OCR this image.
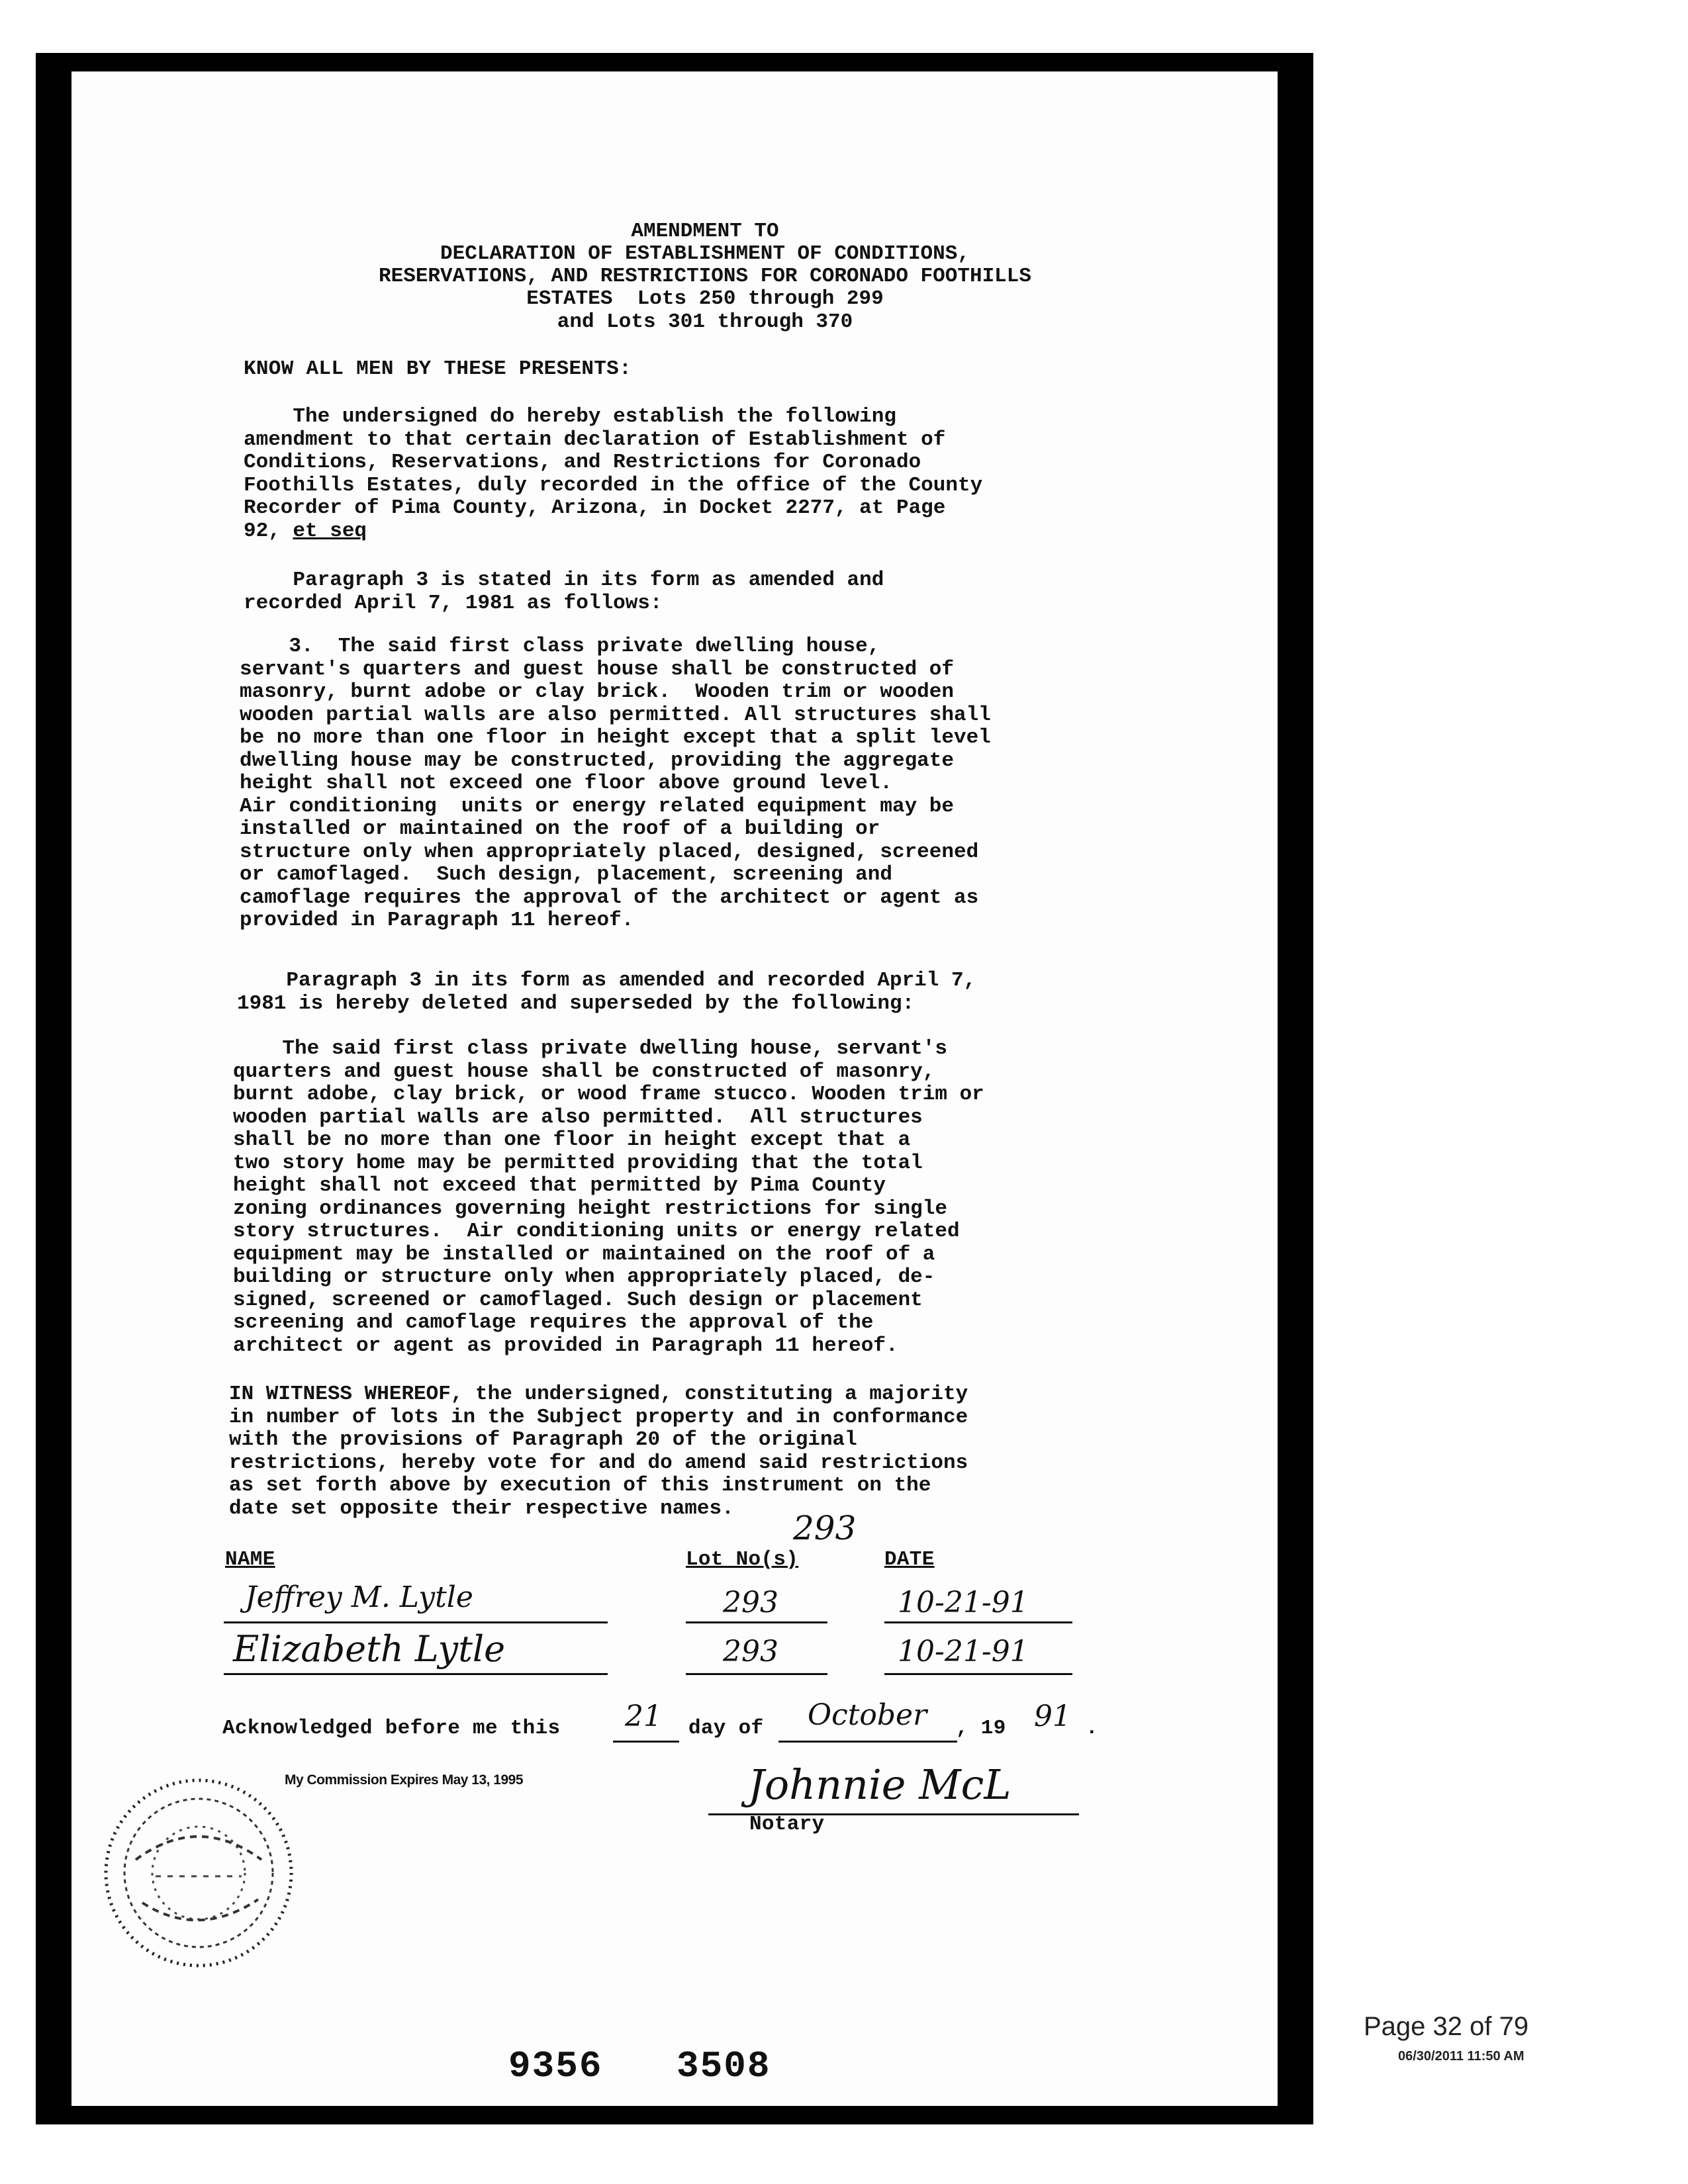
AMENDMENT TO
DECLARATION OF ESTABLISHMENT OF CONDITIONS,
RESERVATIONS, AND RESTRICTIONS FOR CORONADO FOOTHILLS
ESTATES  Lots 250 through 299
and Lots 301 through 370
KNOW ALL MEN BY THESE PRESENTS:
The undersigned do hereby establish the following
amendment to that certain declaration of Establishment of
Conditions, Reservations, and Restrictions for Coronado
Foothills Estates, duly recorded in the office of the County
Recorder of Pima County, Arizona, in Docket 2277, at Page
92, et seq
Paragraph 3 is stated in its form as amended and
recorded April 7, 1981 as follows:
3.  The said first class private dwelling house,
servant's quarters and guest house shall be constructed of
masonry, burnt adobe or clay brick.  Wooden trim or wooden
wooden partial walls are also permitted. All structures shall
be no more than one floor in height except that a split level
dwelling house may be constructed, providing the aggregate
height shall not exceed one floor above ground level.
Air conditioning  units or energy related equipment may be
installed or maintained on the roof of a building or
structure only when appropriately placed, designed, screened
or camoflaged.  Such design, placement, screening and
camoflage requires the approval of the architect or agent as
provided in Paragraph 11 hereof.
Paragraph 3 in its form as amended and recorded April 7,
1981 is hereby deleted and superseded by the following:
The said first class private dwelling house, servant's
quarters and guest house shall be constructed of masonry,
burnt adobe, clay brick, or wood frame stucco. Wooden trim or
wooden partial walls are also permitted.  All structures
shall be no more than one floor in height except that a
two story home may be permitted providing that the total
height shall not exceed that permitted by Pima County
zoning ordinances governing height restrictions for single
story structures.  Air conditioning units or energy related
equipment may be installed or maintained on the roof of a
building or structure only when appropriately placed, de-
signed, screened or camoflaged. Such design or placement
screening and camoflage requires the approval of the
architect or agent as provided in Paragraph 11 hereof.
IN WITNESS WHEREOF, the undersigned, constituting a majority
in number of lots in the Subject property and in conformance
with the provisions of Paragraph 20 of the original
restrictions, hereby vote for and do amend said restrictions
as set forth above by execution of this instrument on the
date set opposite their respective names.
NAME	Lot No(s)	DATE
293
Jeffrey M. Lytle	293	10-21-91
Elizabeth Lytle	293	10-21-91
Acknowledged before me this 21 day of October , 19 91 .
My Commission Expires May 13, 1995	Johnnie McL
Notary
9356 3508
Page 32 of 79
06/30/2011 11:50 AM
